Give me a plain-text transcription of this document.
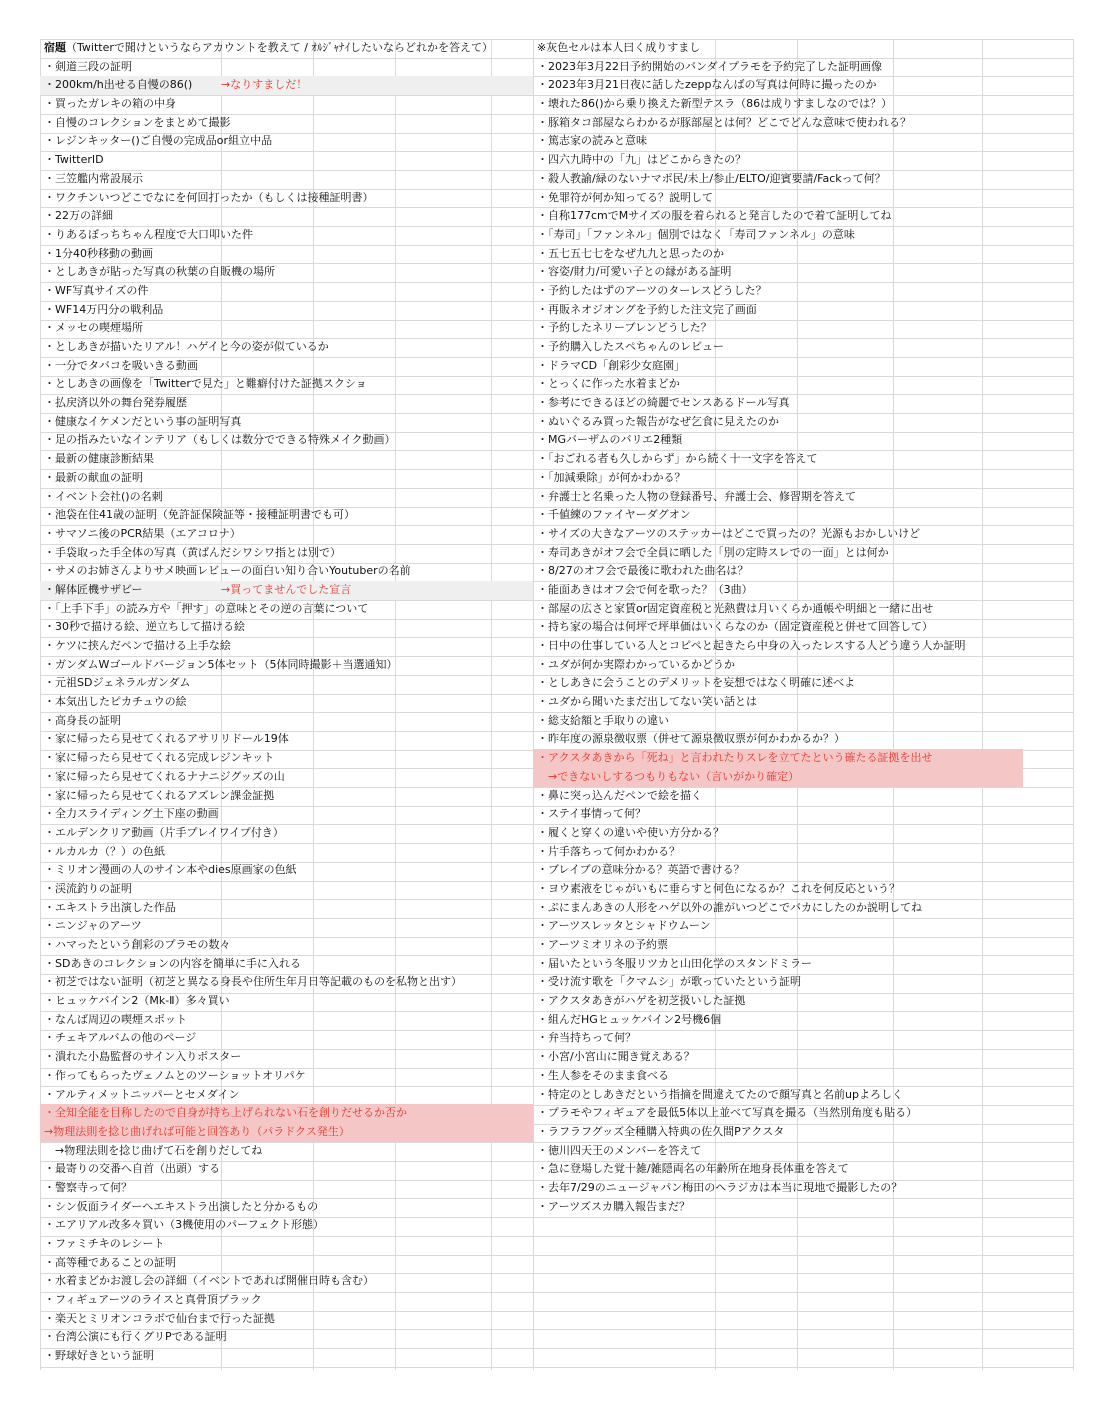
宿題（Twitterで聞けというならアカウントを教えて / ｵﾙｼﾞｬﾅｲしたいならどれかを答えて）
・剣道三段の証明
・200km/h出せる自慢の86()	→なりすましだ！
・買ったガレキの箱の中身
・自慢のコレクションをまとめて撮影
・レジンキッター()ご自慢の完成品or組立中品
・TwitterID
・三笠艦内常設展示
・ワクチンいつどこでなにを何回打ったか（もしくは接種証明書）
・22万の詳細
・りあるぼっちちゃん程度で大口叩いた件
・1分40秒移動の動画
・としあきが貼った写真の秋葉の自販機の場所
・WF写真サイズの件
・WF14万円分の戦利品
・メッセの喫煙場所
・としあきが描いたリアル！ハゲイと今の姿が似ているか
・一分でタバコを吸いきる動画
・としあきの画像を「Twitterで見た」と難癖付けた証拠スクショ
・払戻済以外の舞台発券履歴
・健康なイケメンだという事の証明写真
・足の指みたいなインテリア（もしくは数分でできる特殊メイク動画）
・最新の健康診断結果
・最新の献血の証明
・イベント会社()の名刺
・池袋在住41歳の証明（免許証保険証等・接種証明書でも可）
・サマソニ後のPCR結果（エアコロナ）
・手袋取った手全体の写真（黄ばんだシワシワ指とは別で）
・サメのお姉さんよりサメ映画レビューの面白い知り合いYoutuberの名前
・解体匠機サザビー	→買ってませんでした宣言
・「上手下手」の読み方や「押す」の意味とその逆の言葉について
・30秒で描ける絵、逆立ちして描ける絵
・ケツに挟んだペンで描ける上手な絵
・ガンダムWゴールドバージョン5体セット（5体同時撮影＋当選通知）
・元祖SDジェネラルガンダム
・本気出したピカチュウの絵
・高身長の証明
・家に帰ったら見せてくれるアサリリドール19体
・家に帰ったら見せてくれる完成レジンキット
・家に帰ったら見せてくれるナナニジグッズの山
・家に帰ったら見せてくれるアズレン課金証拠
・全力スライディング土下座の動画
・エルデンクリア動画（片手プレイワイプ付き）
・ルカルカ（？）の色紙
・ミリオン漫画の人のサイン本やdies原画家の色紙
・渓流釣りの証明
・エキストラ出演した作品
・ニンジャのアーツ
・ハマったという創彩のプラモの数々
・SDあきのコレクションの内容を簡単に手に入れる
・初芝ではない証明（初芝と異なる身長や住所生年月日等記載のものを私物と出す）
・ヒュッケバイン2（Mk-Ⅱ）多々買い
・なんば周辺の喫煙スポット
・チェキアルバムの他のページ
・潰れた小島監督のサイン入りポスター
・作ってもらったヴェノムとのツーショットオリパケ
・アルティメットニッパーとセメダイン
・全知全能を目称したので自身が持ち上げられない石を創りだせるか否か
→物理法則を捻じ曲げれば可能と回答あり（パラドクス発生）
　→物理法則を捻じ曲げて石を創りだしてね
・最寄りの交番へ自首（出頭）する
・警察寺って何？
・シン仮面ライダーへエキストラ出演したと分かるもの
・エアリアル改多々買い（3機使用のパーフェクト形態）
・ファミチキのレシート
・高等種であることの証明
・水着まどかお渡し会の詳細（イベントであれば開催日時も含む）
・フィギュアーツのライスと真骨頂ブラック
・楽天とミリオンコラボで仙台まで行った証拠
・台湾公演にも行くグリPである証明
・野球好きという証明
※灰色セルは本人曰く成りすまし
・2023年3月22日予約開始のバンダイプラモを予約完了した証明画像
・2023年3月21日夜に話したzeppなんばの写真は何時に撮ったのか
・壊れた86()から乗り換えた新型テスラ（86は成りすましなのでは？）
・豚箱タコ部屋ならわかるが豚部屋とは何？どこでどんな意味で使われる？
・篤志家の読みと意味
・四六九時中の「九」はどこからきたの？
・殺人教諭/緑のないナマポ民/未上/参止/ELTO/迎賓要請/Fackって何？
・免罪符が何か知ってる？説明して
・自称177cmでMサイズの服を着られると発言したので着て証明してね
・「寿司」「ファンネル」個別ではなく「寿司ファンネル」の意味
・五七五七七をなぜ九九と思ったのか
・容姿/財力/可愛い子との縁がある証明
・予約したはずのアーツのターレスどうした？
・再販ネオジオングを予約した注文完了画面
・予約したネリーブレンどうした？
・予約購入したスペちゃんのレビュー
・ドラマCD「創彩少女庭園」
・とっくに作った水着まどか
・参考にできるほどの綺麗でセンスあるドール写真
・ぬいぐるみ買った報告がなぜ乞食に見えたのか
・MGバーザムのバリエ2種類
・「おごれる者も久しからず」から続く十一文字を答えて
・「加減乗除」が何かわかる？
・弁護士と名乗った人物の登録番号、弁護士会、修習期を答えて
・千値練のファイヤーダグオン
・サイズの大きなアーツのステッカーはどこで買ったの？光源もおかしいけど
・寿司あきがオフ会で全員に晒した「別の定時スレでの一面」とは何か
・8/27のオフ会で最後に歌われた曲名は？
・能面あきはオフ会で何を歌った？（3曲）
・部屋の広さと家賃or固定資産税と光熱費は月いくらか通帳や明細と一緒に出せ
・持ち家の場合は何坪で坪単価はいくらなのか（固定資産税と併せて回答して）
・日中の仕事している人とコピペと起きたら中身の入ったレスする人どう違う人か証明
・ユダが何か実際わかっているかどうか
・としあきに会うことのデメリットを妄想ではなく明確に述べよ
・ユダから聞いたまだ出してない笑い話とは
・総支給額と手取りの違い
・昨年度の源泉徴収票（併せて源泉徴収票が何かわかるか？）
・アクスタあきから「死ね」と言われたりスレを立てたという確たる証拠を出せ
　→できないしするつもりもない（言いがかり確定）
・鼻に突っ込んだペンで絵を描く
・ステイ事情って何？
・履くと穿くの違いや使い方分かる？
・片手落ちって何かわかる？
・ブレイブの意味分かる？英語で書ける？
・ヨウ素液をじゃがいもに垂らすと何色になるか？これを何反応という？
・ぷにまんあきの人形をハゲ以外の誰がいつどこでバカにしたのか説明してね
・アーツスレッタとシャドウムーン
・アーツミオリネの予約票
・届いたという冬服リツカと山田化学のスタンドミラー
・受け流す歌を「クマムシ」が歌っていたという証明
・アクスタあきがハゲを初芝扱いした証拠
・組んだHGヒュッケバイン2号機6個
・弁当持ちって何？
・小宮/小宮山に聞き覚えある？
・生人参をそのまま食べる
・特定のとしあきだという指摘を間違えてたので顔写真と名前upよろしく
・プラモやフィギュアを最低5体以上並べて写真を撮る（当然別角度も貼る）
・ラフラフグッズ全種購入特典の佐久間Pアクスタ
・徳川四天王のメンバーを答えて
・急に登場した覚十雑/雑隠両名の年齢所在地身長体重を答えて
・去年7/29のニュージャパン梅田のヘラジカは本当に現地で撮影したの？
・アーツズスカ購入報告まだ？
